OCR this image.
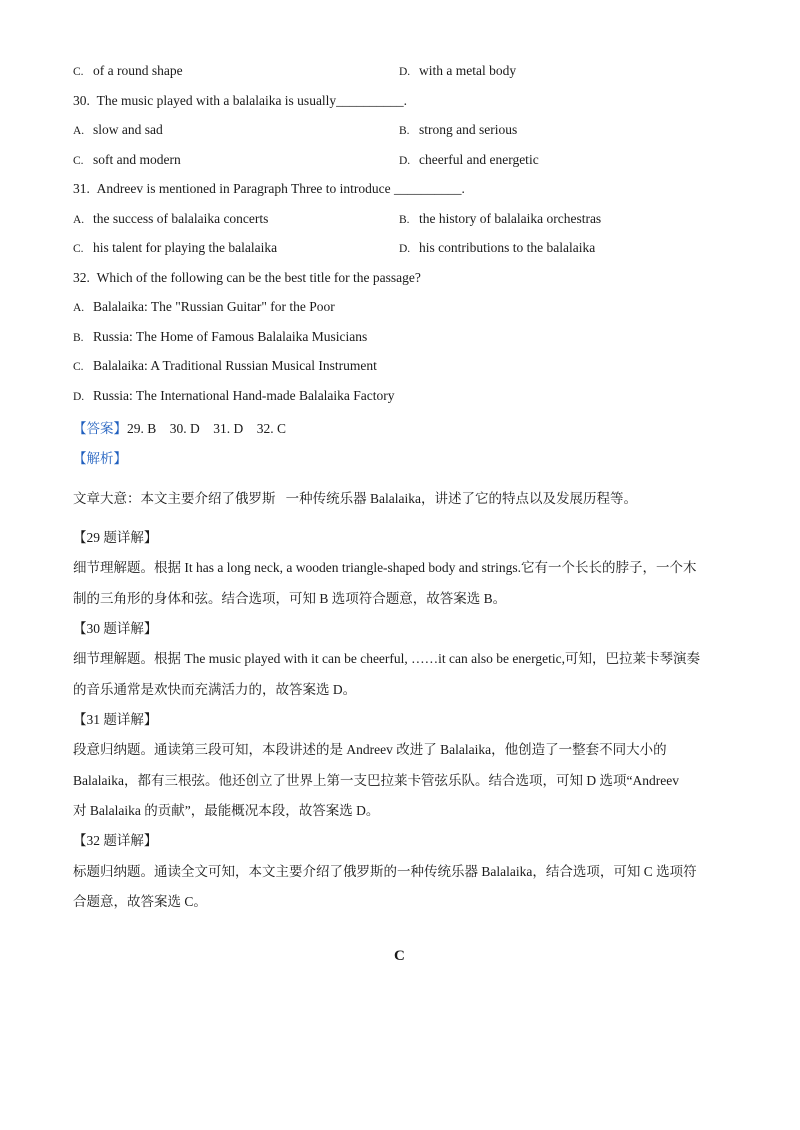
C. of a round shape	D. with a metal body
30.  The music played with a balalaika is usually__________.
A. slow and sad	B. strong and serious
C. soft and modern	D. cheerful and energetic
31.  Andreev is mentioned in Paragraph Three to introduce __________.
A. the success of balalaika concerts	B. the history of balalaika orchestras
C. his talent for playing the balalaika	D. his contributions to the balalaika
32.  Which of the following can be the best title for the passage?
A. Balalaika: The "Russian Guitar" for the Poor
B. Russia: The Home of Famous Balalaika Musicians
C. Balalaika: A Traditional Russian Musical Instrument
D. Russia: The International Hand-made Balalaika Factory
【答案】29. B    30. D    31. D    32. C
【解析】
文章大意：本文主要介绍了俄罗斯   一种传统乐器 Balalaika，讲述了它的特点以及发展历程等。
【29 题详解】
细节理解题。根据 It has a long neck, a wooden triangle-shaped body and strings.它有一个长长的脖子，一个木
制的三角形的身体和弦。结合选项，可知 B 选项符合题意，故答案选 B。
【30 题详解】
细节理解题。根据 The music played with it can be cheerful, ……it can also be energetic,可知，巴拉莱卡琴演奏
的音乐通常是欢快而充满活力的，故答案选 D。
【31 题详解】
段意归纳题。通读第三段可知，本段讲述的是 Andreev 改进了 Balalaika，他创造了一整套不同大小的
Balalaika，都有三根弦。他还创立了世界上第一支巴拉莱卡管弦乐队。结合选项，可知 D 选项“Andreev
对 Balalaika 的贡献”，最能概况本段，故答案选 D。
【32 题详解】
标题归纳题。通读全文可知，本文主要介绍了俄罗斯的一种传统乐器 Balalaika，结合选项，可知 C 选项符
合题意，故答案选 C。
C
